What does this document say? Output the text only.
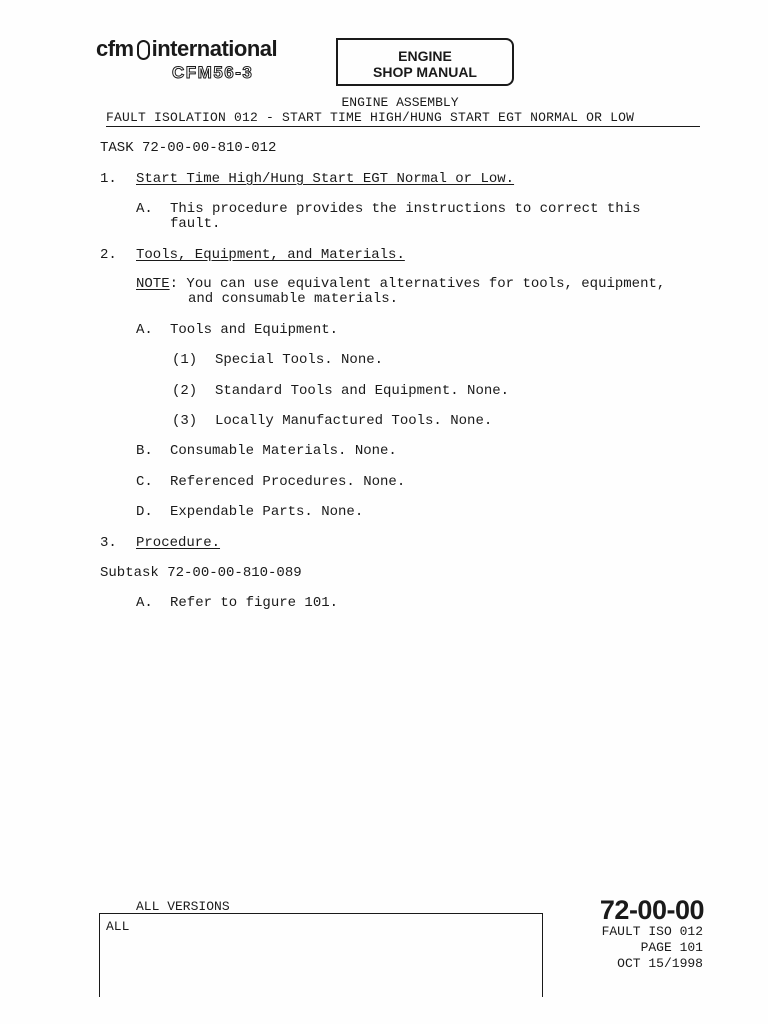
cfm international
CFM56-3
ENGINE
SHOP MANUAL
ENGINE ASSEMBLY
FAULT ISOLATION 012 - START TIME HIGH/HUNG START EGT NORMAL OR LOW
TASK 72-00-00-810-012
1. Start Time High/Hung Start EGT Normal or Low.
A. This procedure provides the instructions to correct this
fault.
2. Tools, Equipment, and Materials.
NOTE: You can use equivalent alternatives for tools, equipment,
and consumable materials.
A. Tools and Equipment.
(1) Special Tools. None.
(2) Standard Tools and Equipment. None.
(3) Locally Manufactured Tools. None.
B. Consumable Materials. None.
C. Referenced Procedures. None.
D. Expendable Parts. None.
3. Procedure.
Subtask 72-00-00-810-089
A. Refer to figure 101.
ALL VERSIONS
ALL
72-00-00
FAULT ISO 012
PAGE 101
OCT 15/1998
